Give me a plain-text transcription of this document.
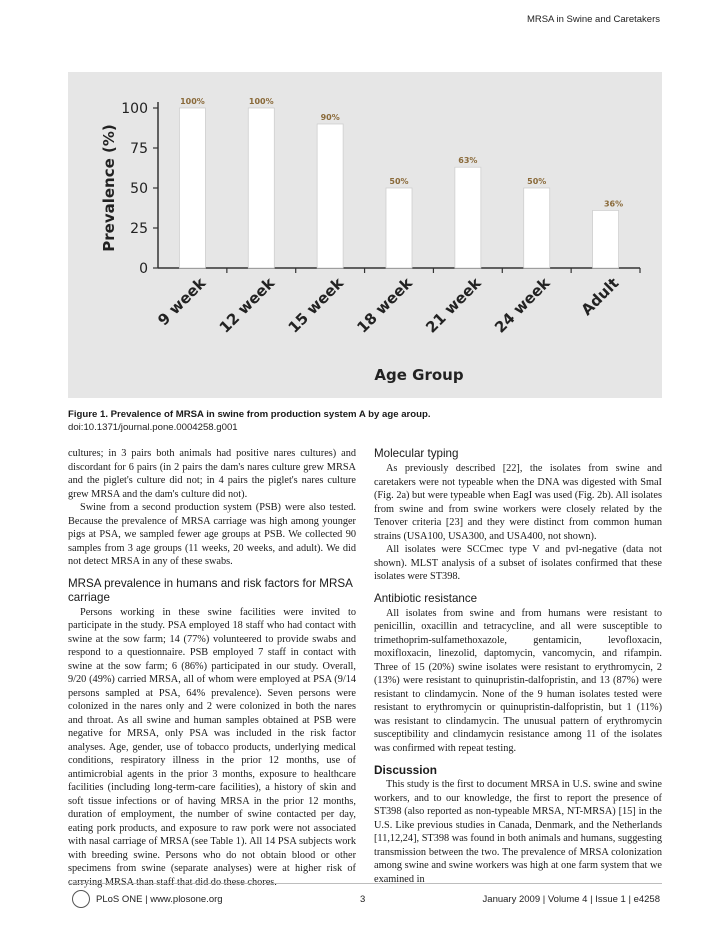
MRSA in Swine and Caretakers
0
25
50
75
100
Prevalence (%)
100%
9 week
100%
12 week
90%
15 week
50%
18 week
63%
21 week
50%
24 week
36%
Adult
Age Group
Figure 1. Prevalence of MRSA in swine from production system A by age aroup.
doi:10.1371/journal.pone.0004258.g001

cultures; in 3 pairs both animals had positive nares cultures) and discordant for 6 pairs (in 2 pairs the dam's nares culture grew MRSA and the piglet's culture did not; in 4 pairs the piglet's nares culture grew MRSA and the dam's culture did not).

Swine from a second production system (PSB) were also tested. Because the prevalence of MRSA carriage was high among younger pigs at PSA, we sampled fewer age groups at PSB. We collected 90 samples from 3 age groups (11 weeks, 20 weeks, and adult). We did not detect MRSA in any of these swabs.

MRSA prevalence in humans and risk factors for MRSA carriage

Persons working in these swine facilities were invited to participate in the study. PSA employed 18 staff who had contact with swine at the sow farm; 14 (77%) volunteered to provide swabs and respond to a questionnaire. PSB employed 7 staff in contact with swine at the sow farm; 6 (86%) participated in our study. Overall, 9/20 (49%) carried MRSA, all of whom were employed at PSA (9/14 persons sampled at PSA, 64% prevalence). Seven persons were colonized in the nares only and 2 were colonized in both the nares and throat. As all swine and human samples obtained at PSB were negative for MRSA, only PSA was included in the risk factor analyses. Age, gender, use of tobacco products, underlying medical conditions, respiratory illness in the prior 12 months, use of antimicrobial agents in the prior 3 months, exposure to healthcare facilities (including long-term-care facilities), a history of skin and soft tissue infections or of having MRSA in the prior 12 months, duration of employment, the number of swine contacted per day, eating pork products, and exposure to raw pork were not associated with nasal carriage of MRSA (see Table 1). All 14 PSA subjects work with breeding swine. Persons who do not obtain blood or other specimens from swine (separate analyses) were at higher risk of carrying MRSA than staff that did do these chores.

Molecular typing

As previously described [22], the isolates from swine and caretakers were not typeable when the DNA was digested with SmaI (Fig. 2a) but were typeable when EagI was used (Fig. 2b). All isolates from swine and from swine workers were closely related by the Tenover criteria [23] and they were distinct from common human strains (USA100, USA300, and USA400, not shown).

All isolates were SCCmec type V and pvl-negative (data not shown). MLST analysis of a subset of isolates confirmed that these isolates were ST398.

Antibiotic resistance

All isolates from swine and from humans were resistant to penicillin, oxacillin and tetracycline, and all were susceptible to trimethoprim-sulfamethoxazole, gentamicin, levofloxacin, moxifloxacin, linezolid, daptomycin, vancomycin, and rifampin. Three of 15 (20%) swine isolates were resistant to erythromycin, 2 (13%) were resistant to quinupristin-dalfopristin, and 13 (87%) were resistant to clindamycin. None of the 9 human isolates tested were resistant to erythromycin or quinupristin-dalfopristin, but 1 (11%) was resistant to clindamycin. The unusual pattern of erythromycin susceptibility and clindamycin resistance among 11 of the isolates was confirmed with repeat testing.

Discussion

This study is the first to document MRSA in U.S. swine and swine workers, and to our knowledge, the first to report the presence of ST398 (also reported as non-typeable MRSA, NT-MRSA) [15] in the U.S. Like previous studies in Canada, Denmark, and the Netherlands [11,12,24], ST398 was found in both animals and humans, suggesting transmission between the two. The prevalence of MRSA colonization among swine and swine workers was high at one farm system that we examined in

PLoS ONE | www.plosone.org	3	January 2009 | Volume 4 | Issue 1 | e4258
